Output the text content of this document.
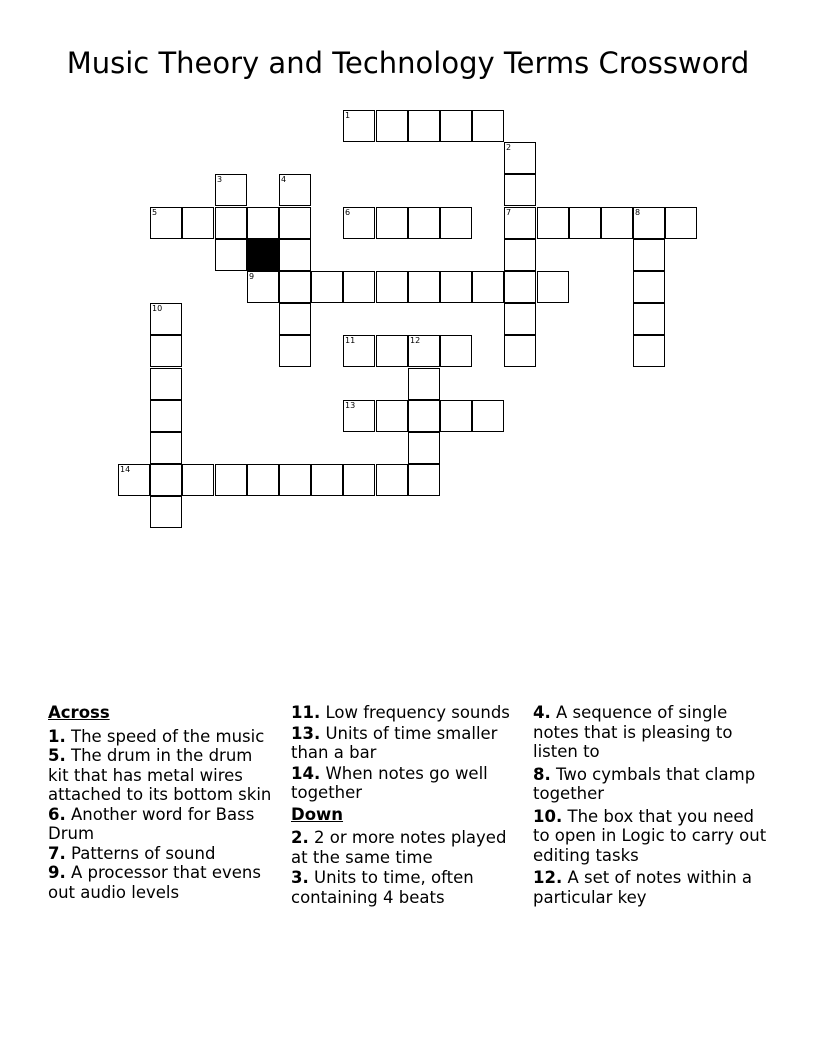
Music Theory and Technology Terms Crossword
1
2
3	4
5	6	7	8
9
10
11	12
13
14
Across
1. The speed of the music
5. The drum in the drum kit that has metal wires attached to its bottom skin
6. Another word for Bass Drum
7. Patterns of sound
9. A processor that evens out audio levels
11. Low frequency sounds
13. Units of time smaller than a bar
14. When notes go well together
Down
2. 2 or more notes played at the same time
3. Units to time, often containing 4 beats
4. A sequence of single notes that is pleasing to listen to
8. Two cymbals that clamp together
10. The box that you need to open in Logic to carry out editing tasks
12. A set of notes within a particular key
